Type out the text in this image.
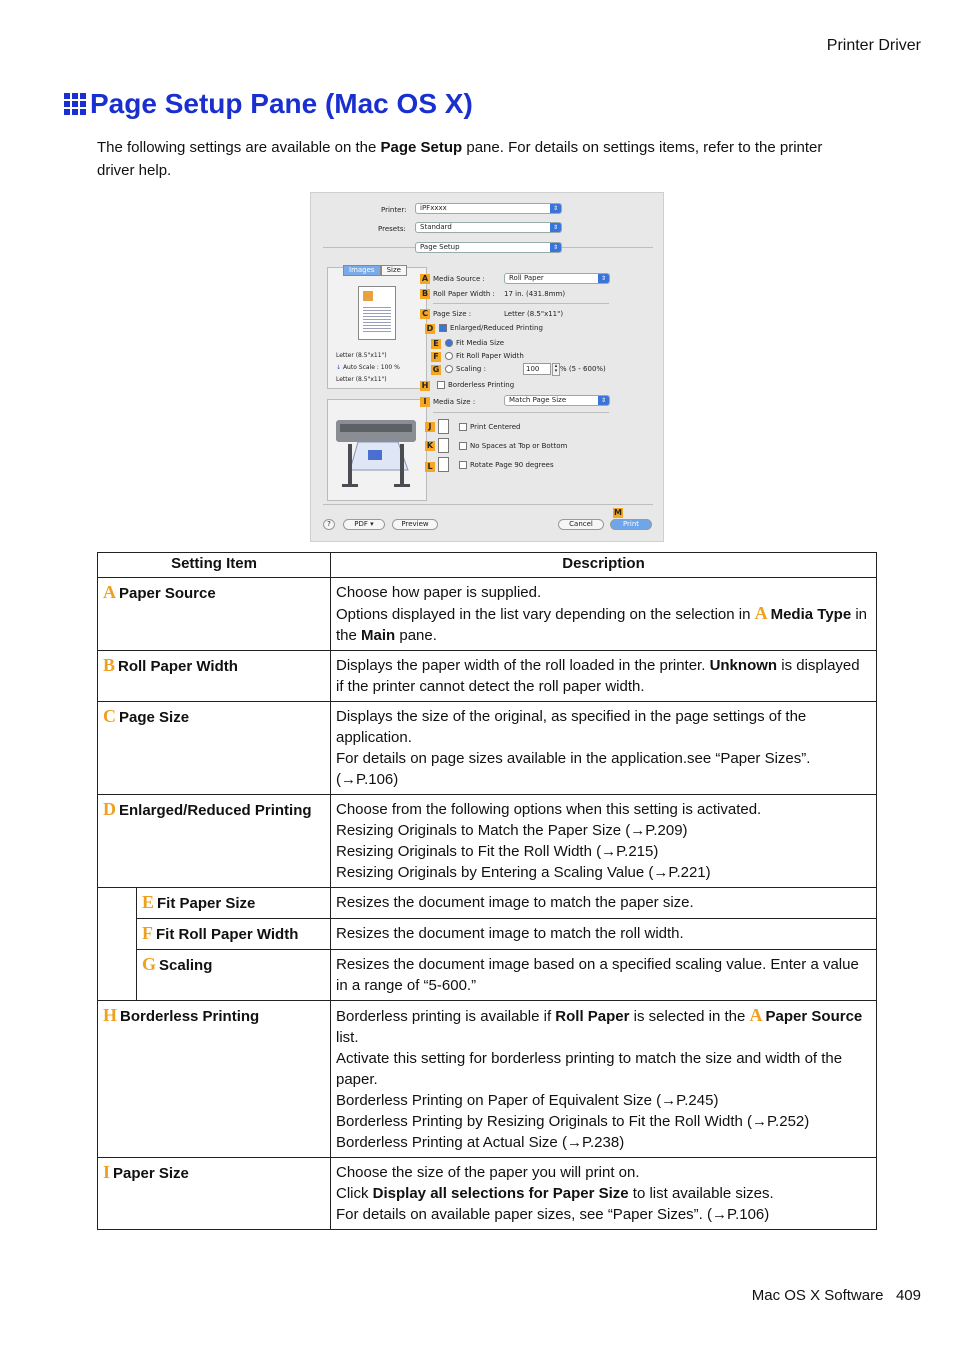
Printer Driver
Page Setup Pane (Mac OS X)
The following settings are available on the Page Setup pane. For details on settings items, refer to the printer driver help.
Printer:	iPFxxxx	⇕
Presets:	Standard	⇕
Page Setup	⇕
Letter (8.5"x11")
↓ Auto Scale : 100 %
Letter (8.5"x11")
Images	Size
A Media Source :	Roll Paper	⇕
B Roll Paper Width : 17 in. (431.8mm)
C Page Size :	Letter (8.5"x11")
D	Enlarged/Reduced Printing
E	Fit Media Size
F	Fit Roll Paper Width
G	Scaling :	100	▴
▾ % (5 - 600%)
H	Borderless Printing
I Media Size :	Match Page Size	⇕
J	Print Centered
K	No Spaces at Top or Bottom
L	Rotate Page 90 degrees
?	PDF ▾	Preview	Cancel
M
Print
Setting Item		Description
A Paper Source		Choose how paper is supplied.
Options displayed in the list vary depending on the selection in A Media Type in the Main pane.

B Roll Paper Width		Displays the paper width of the roll loaded in the printer. Unknown is displayed if the printer cannot detect the roll paper width.

C Page Size		Displays the size of the original, as specified in the page settings of the application.
For details on page sizes available in the application.see “Paper Sizes”. (→P.106)

D Enlarged/Reduced Printing		Choose from the following options when this setting is activated.
Resizing Originals to Match the Paper Size (→P.209)
Resizing Originals to Fit the Roll Width (→P.215)
Resizing Originals by Entering a Scaling Value (→P.221)

	E Fit Paper Size	Resizes the document image to match the paper size.
	F Fit Roll Paper Width	Resizes the document image to match the roll width.
	G Scaling	Resizes the document image based on a specified scaling value. Enter a value in a range of “5-600.”
H Borderless Printing		Borderless printing is available if Roll Paper is selected in the A Paper Source list.
Activate this setting for borderless printing to match the size and width of the paper.
Borderless Printing on Paper of Equivalent Size (→P.245)
Borderless Printing by Resizing Originals to Fit the Roll Width (→P.252)
Borderless Printing at Actual Size (→P.238)

I Paper Size		Choose the size of the paper you will print on.
Click Display all selections for Paper Size to list available sizes.
For details on available paper sizes, see “Paper Sizes”. (→P.106)
Mac OS X Software 409
